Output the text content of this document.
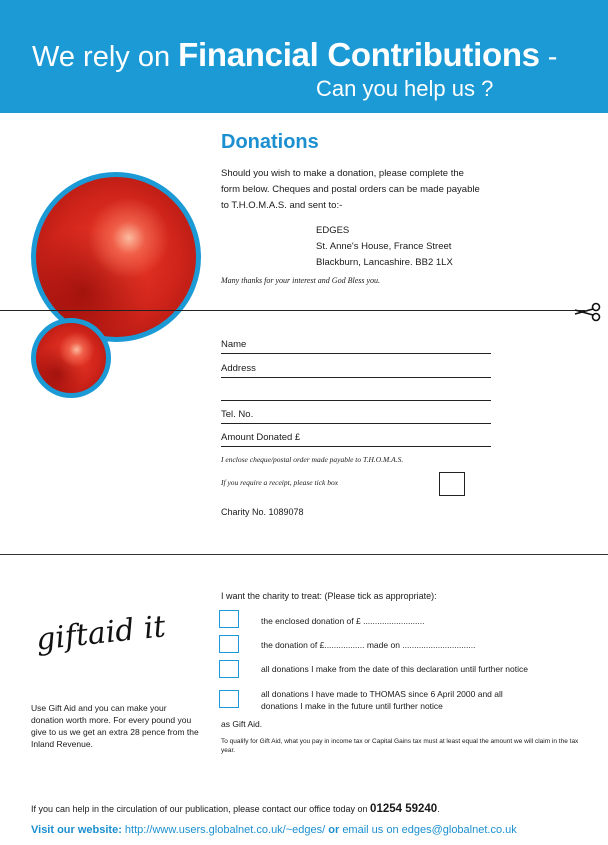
We rely on Financial Contributions -
Can you help us ?
Donations
Should you wish to make a donation, please complete the form below. Cheques and postal orders can be made payable to T.H.O.M.A.S. and sent to:-
EDGES
St. Anne's House, France Street
Blackburn, Lancashire. BB2 1LX
Many thanks for your interest and God Bless you.
Name
Address
Tel. No.
Amount Donated £
I enclose cheque/postal order made payable to T.H.O.M.A.S.
If you require a receipt, please tick box
Charity No. 1089078
giftaid it
Use Gift Aid and you can make your donation worth more. For every pound you give to us we get an extra 28 pence from the Inland Revenue.
I want the charity to treat: (Please tick as appropriate):
the enclosed donation of £ ..........................
the donation of £................. made on ...............................
all donations I make from the date of this declaration until further notice
all donations I have made to THOMAS since 6 April 2000 and all donations I make in the future until further notice
as Gift Aid.
To qualify for Gift Aid, what you pay in income tax or Capital Gains tax must at least equal the amount we will claim in the tax year.
If you can help in the circulation of our publication, please contact our office today on 01254 59240.
Visit our website: http://www.users.globalnet.co.uk/~edges/ or email us on edges@globalnet.co.uk
